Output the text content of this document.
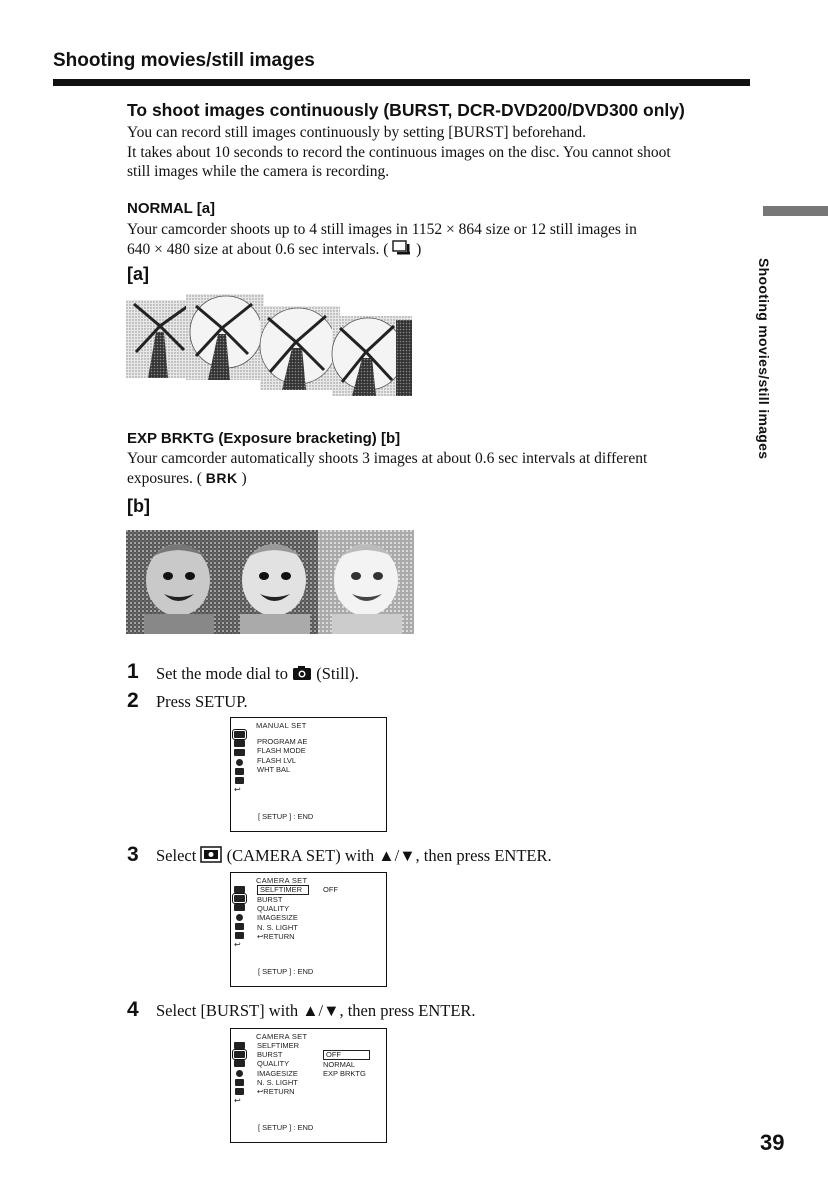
Shooting movies/still images
Shooting movies/still images
To shoot images continuously (BURST, DCR-DVD200/DVD300 only)
You can record still images continuously by setting [BURST] beforehand.
It takes about 10 seconds to record the continuous images on the disc. You cannot shoot
still images while the camera is recording.
NORMAL [a]
Your camcorder shoots up to 4 still images in 1152 × 864 size or 12 still images in
640 × 480 size at about 0.6 sec intervals. ( )
[a]
EXP BRKTG (Exposure bracketing) [b]
Your camcorder automatically shoots 3 images at about 0.6 sec intervals at different
exposures. ( BRK )
[b]
1 Set the mode dial to (Still).
2 Press SETUP.
MANUAL SET
↩

PROGRAM AE
FLASH MODE
FLASH LVL
WHT BAL
[ SETUP ] : END
3 Select (CAMERA SET) with ▲/▼, then press ENTER.
CAMERA SET
↩
SELFTIMER
BURST
QUALITY
IMAGESIZE
N. S. LIGHT
↩RETURN
OFF
[ SETUP ] : END
4 Select [BURST] with ▲/▼, then press ENTER.
CAMERA SET
↩
SELFTIMER
BURST
QUALITY
IMAGESIZE
N. S. LIGHT
↩RETURN
OFF
NORMAL
EXP BRKTG
[ SETUP ] : END
39
